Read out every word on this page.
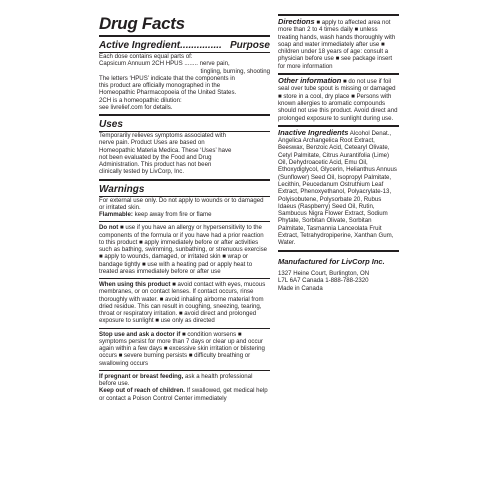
Drug Facts
Active Ingredient............... Purpose

Each dose contains equal parts of:

Capsicum Annuum 2CH HPUS ........ nerve pain,

tingling, burning, shooting

The letters ‘HPUS’ indicate that the components in

this product are officially monographed in the

Homeopathic Pharmacopoeia of the United States.

2CH is a homeopathic dilution:

see livrelief.com for details.

Uses

Temporarily relieves symptoms associated with

nerve pain. Product Uses are based on

Homeopathic Materia Medica. These ‘Uses’ have

not been evaluated by the Food and Drug

Administration. This product has not been

clinically tested by LivCorp, Inc.

Warnings

For external use only. Do not apply to wounds or to damaged or irritated skin.

Flammable: keep away from fire or flame

Do not ■ use if you have an allergy or hypersensitivity to the components of the formula or if you have had a prior reaction to this product ■ apply immediately before or after activities such as bathing, swimming, sunbathing, or strenuous exercise ■ apply to wounds, damaged, or irritated skin ■ wrap or bandage tightly ■ use with a heating pad or apply heat to treated areas immediately before or after use

When using this product ■ avoid contact with eyes, mucous membranes, or on contact lenses. If contact occurs, rinse thoroughly with water. ■ avoid inhaling airborne material from dried residue. This can result in coughing, sneezing, tearing, throat or respiratory irritation. ■ avoid direct and prolonged exposure to sunlight ■ use only as directed

Stop use and ask a doctor if ■ condition worsens ■ symptoms persist for more than 7 days or clear up and occur again within a few days ■ excessive skin irritation or blistering occurs ■ severe burning persists ■ difficulty breathing or swallowing occurs

If pregnant or breast feeding, ask a health professional before use.

Keep out of reach of children. If swallowed, get medical help or contact a Poison Control Center immediately

Directions ■ apply to affected area not more than 2 to 4 times daily ■ unless treating hands, wash hands thoroughly with soap and water immediately after use ■ children under 18 years of age: consult a physician before use ■ see package insert for more information

Other information ■ do not use if foil seal over tube spout is missing or damaged ■ store in a cool, dry place ■ Persons with known allergies to aromatic compounds should not use this product. Avoid direct and prolonged exposure to sunlight during use.

Inactive Ingredients Alcohol Denat., Angelica Archangelica Root Extract, Beeswax, Benzoic Acid, Cetearyl Olivate, Cetyl Palmitate, Citrus Aurantifolia (Lime) Oil, Dehydroacetic Acid, Emu Oil, Ethoxydiglycol, Glycerin, Helianthus Annuus (Sunflower) Seed Oil, Isopropyl Palmitate, Lecithin, Peucedanum Ostruthium Leaf Extract, Phenoxyethanol, Polyacrylate-13, Polyisobutene, Polysorbate 20, Rubus Idaeus (Raspberry) Seed Oil, Rutin, Sambucus Nigra Flower Extract, Sodium Phytate, Sorbitan Olivate, Sorbitan Palmitate, Tasmannia Lanceolata Fruit Extract, Tetrahydropiperine, Xanthan Gum, Water.

Manufactured for LivCorp Inc.

1327 Heine Court, Burlington, ON

L7L 6A7 Canada 1-888-788-2320

Made in Canada
